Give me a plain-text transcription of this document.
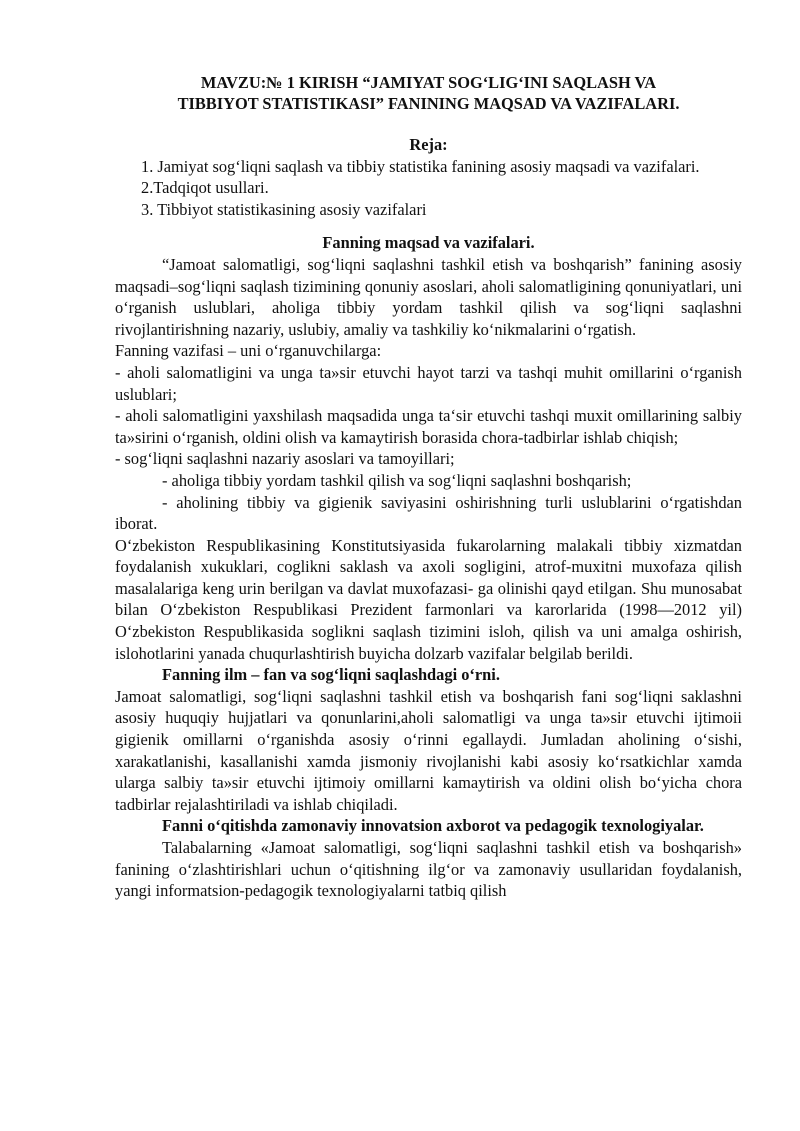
MAVZU:№ 1 KIRISH “JAMIYAT SOG‘LIG‘INI SAQLASH VA
TIBBIYOT STATISTIKASI” FANINING MAQSAD VA VAZIFALARI.
Reja:

1. Jamiyat sog‘liqni saqlash va tibbiy statistika fanining asosiy maqsadi va vazifalari.

2.Tadqiqot usullari.

3. Tibbiyot statistikasining asosiy vazifalari

Fanning maqsad va vazifalari.

“Jamoat salomatligi, sog‘liqni saqlashni tashkil etish va boshqarish” fanining asosiy maqsadi–sog‘liqni saqlash tizimining qonuniy asoslari, aholi salomatligining qonuniyatlari, uni o‘rganish uslublari, aholiga tibbiy yordam tashkil qilish va sog‘liqni saqlashni rivojlantirishning nazariy, uslubiy, amaliy va tashkiliy ko‘nikmalarini o‘rgatish.

Fanning vazifasi – uni o‘rganuvchilarga:

- aholi salomatligini va unga ta»sir etuvchi hayot tarzi va tashqi muhit omillarini o‘rganish uslublari;

- aholi salomatligini yaxshilash maqsadida unga ta‘sir etuvchi tashqi muxit omillarining salbiy ta»sirini o‘rganish, oldini olish va kamaytirish borasida chora-tadbirlar ishlab chiqish;

- sog‘liqni saqlashni nazariy asoslari va tamoyillari;

- aholiga tibbiy yordam tashkil qilish va sog‘liqni saqlashni boshqarish;

- aholining tibbiy va gigienik saviyasini oshirishning turli uslublarini o‘rgatishdan iborat.

O‘zbekiston Respublikasining Konstitutsiyasida fukarolarning malakali tibbiy xizmatdan foydalanish xukuklari, coglikni saklash va axoli sogligini, atrof-muxitni muxofaza qilish masalalariga keng urin berilgan va davlat muxofazasi- ga olinishi qayd etilgan. Shu munosabat bilan O‘zbekiston Respublikasi Prezident farmonlari va karorlarida (1998—2012 yil) O‘zbekiston Respublikasida soglikni saqlash tizimini isloh, qilish va uni amalga oshirish, islohotlarini yanada chuqurlashtirish buyicha dolzarb vazifalar belgilab berildi.

Fanning ilm – fan va sog‘liqni saqlashdagi o‘rni.

Jamoat salomatligi, sog‘liqni saqlashni tashkil etish va boshqarish fani sog‘liqni saklashni asosiy huquqiy hujjatlari va qonunlarini,aholi salomatligi va unga ta»sir etuvchi ijtimoii gigienik omillarni o‘rganishda asosiy o‘rinni egallaydi. Jumladan aholining o‘sishi, xarakatlanishi, kasallanishi xamda jismoniy rivojlanishi kabi asosiy ko‘rsatkichlar xamda ularga salbiy ta»sir etuvchi ijtimoiy omillarni kamaytirish va oldini olish bo‘yicha chora tadbirlar rejalashtiriladi va ishlab chiqiladi.

Fanni o‘qitishda zamonaviy innovatsion axborot va pedagogik texnologiyalar.

Talabalarning «Jamoat salomatligi, sog‘liqni saqlashni tashkil etish va boshqarish» fanining o‘zlashtirishlari uchun o‘qitishning ilg‘or va zamonaviy usullaridan foydalanish, yangi informatsion-pedagogik texnologiyalarni tatbiq qilish
